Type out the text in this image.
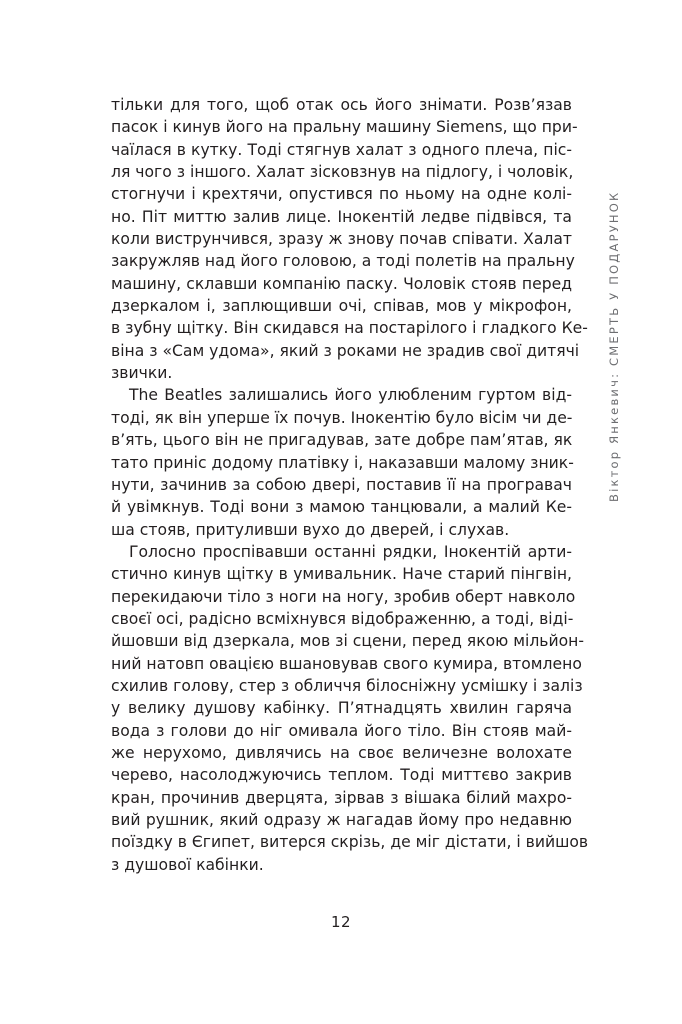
тільки для того, щоб отак ось його знімати. Розв’язав
пасок і кинув його на пральну машину Siemens, що при-
чаїлася в кутку. Тоді стягнув халат з одного плеча, піс-
ля чого з іншого. Халат зісковзнув на підлогу, і чоловік,
стогнучи і крехтячи, опустився по ньому на одне колі-
но. Піт миттю залив лице. Інокентій ледве підвівся, та
коли виструнчився, зразу ж знову почав співати. Халат
закружляв над його головою, а тоді полетів на пральну
машину, склавши компанію паску. Чоловік стояв перед
дзеркалом і, заплющивши очі, співав, мов у мікрофон,
в зубну щітку. Він скидався на постарілого і гладкого Ке-
віна з «Сам удома», який з роками не зрадив свої дитячі
звички.
The Beatles залишались його улюбленим гуртом від-
тоді, як він уперше їх почув. Інокентію було вісім чи де-
в’ять, цього він не пригадував, зате добре пам’ятав, як
тато приніс додому платівку і, наказавши малому зник-
нути, зачинив за собою двері, поставив її на програвач
й увімкнув. Тоді вони з мамою танцювали, а малий Ке-
ша стояв, притуливши вухо до дверей, і слухав.
Голосно проспівавши останні рядки, Інокентій арти-
стично кинув щітку в умивальник. Наче старий пінгвін,
перекидаючи тіло з ноги на ногу, зробив оберт навколо
своєї осі, радісно всміхнувся відображенню, а тоді, віді-
йшовши від дзеркала, мов зі сцени, перед якою мільйон-
ний натовп овацією вшановував свого кумира, втомлено
схилив голову, стер з обличчя білосніжну усмішку і заліз
у велику душову кабінку. П’ятнадцять хвилин гаряча
вода з голови до ніг омивала його тіло. Він стояв май-
же нерухомо, дивлячись на своє величезне волохате
черево, насолоджуючись теплом. Тоді миттєво закрив
кран, прочинив дверцята, зірвав з вішака білий махро-
вий рушник, який одразу ж нагадав йому про недавню
поїздку в Єгипет, витерся скрізь, де міг дістати, і вийшов
з душової кабінки.
Віктор Янкевич: СМЕРТЬ У ПОДАРУНОК
12
